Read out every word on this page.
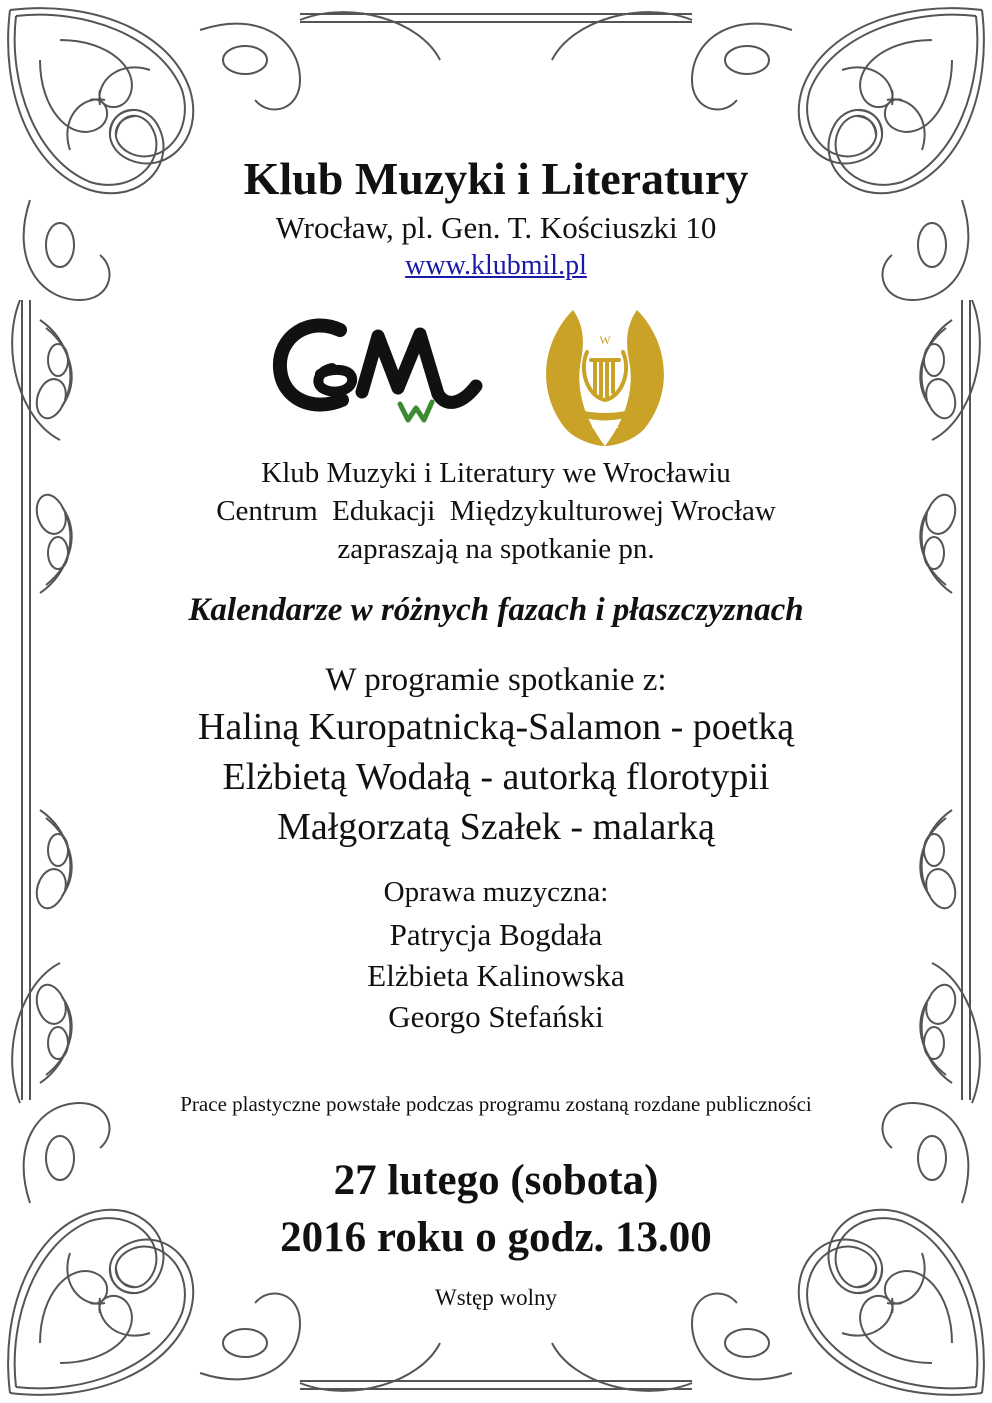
Klub Muzyki i Literatury
Wrocław, pl. Gen. T. Kościuszki 10
www.klubmil.pl
W
KMiL
Klub Muzyki i Literatury we Wrocławiu
Centrum  Edukacji  Międzykulturowej Wrocław
zapraszają na spotkanie pn.
Kalendarze w różnych fazach i płaszczyznach
W programie spotkanie z:
Haliną Kuropatnicką-Salamon - poetką
Elżbietą Wodałą - autorką florotypii
Małgorzatą Szałek - malarką
Oprawa muzyczna:
Patrycja Bogdała
Elżbieta Kalinowska
Georgo Stefański
Prace plastyczne powstałe podczas programu zostaną rozdane publiczności
27 lutego (sobota)
2016 roku o godz. 13.00
Wstęp wolny
